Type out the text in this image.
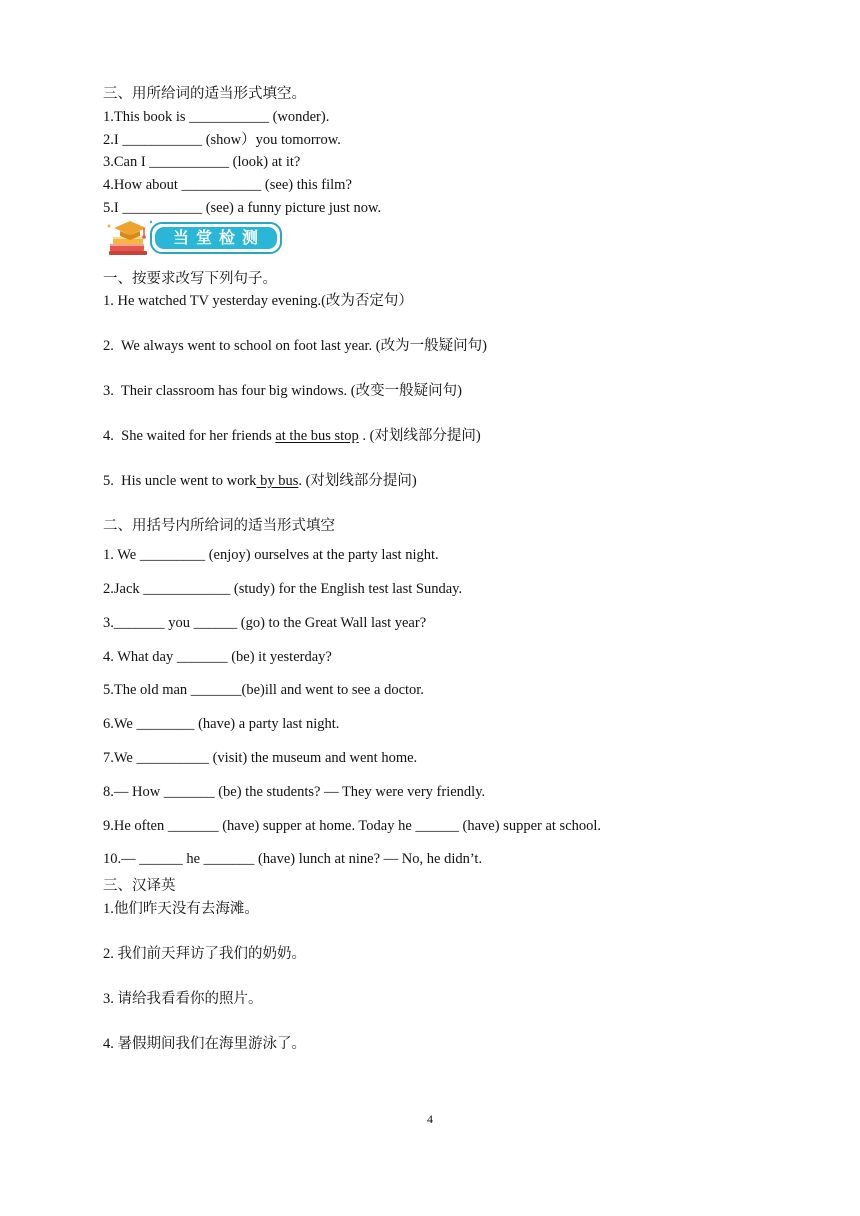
三、用所给词的适当形式填空。
1.This book is ___________ (wonder).
2.I ___________ (show）you tomorrow.
3.Can I ___________ (look) at it?
4.How about ___________ (see) this film?
5.I ___________ (see) a funny picture just now.
当堂检测
一、按要求改写下列句子。
1. He watched TV yesterday evening.(改为否定句）
2.  We always went to school on foot last year. (改为一般疑问句)
3.  Their classroom has four big windows. (改变一般疑问句)
4.  She waited for her friends at the bus stop . (对划线部分提问)
5.  His uncle went to work by bus. (对划线部分提问)
二、用括号内所给词的适当形式填空
1. We _________ (enjoy) ourselves at the party last night.
2.Jack ____________ (study) for the English test last Sunday.
3._______ you ______ (go) to the Great Wall last year?
4. What day _______ (be) it yesterday?
5.The old man _______(be)ill and went to see a doctor.
6.We ________ (have) a party last night.
7.We __________ (visit) the museum and went home.
8.— How _______ (be) the students? — They were very friendly.
9.He often _______ (have) supper at home. Today he ______ (have) supper at school.
10.— ______ he _______ (have) lunch at nine? — No, he didn’t.
三、汉译英
1.他们昨天没有去海滩。
2. 我们前天拜访了我们的奶奶。
3. 请给我看看你的照片。
4. 暑假期间我们在海里游泳了。
4
